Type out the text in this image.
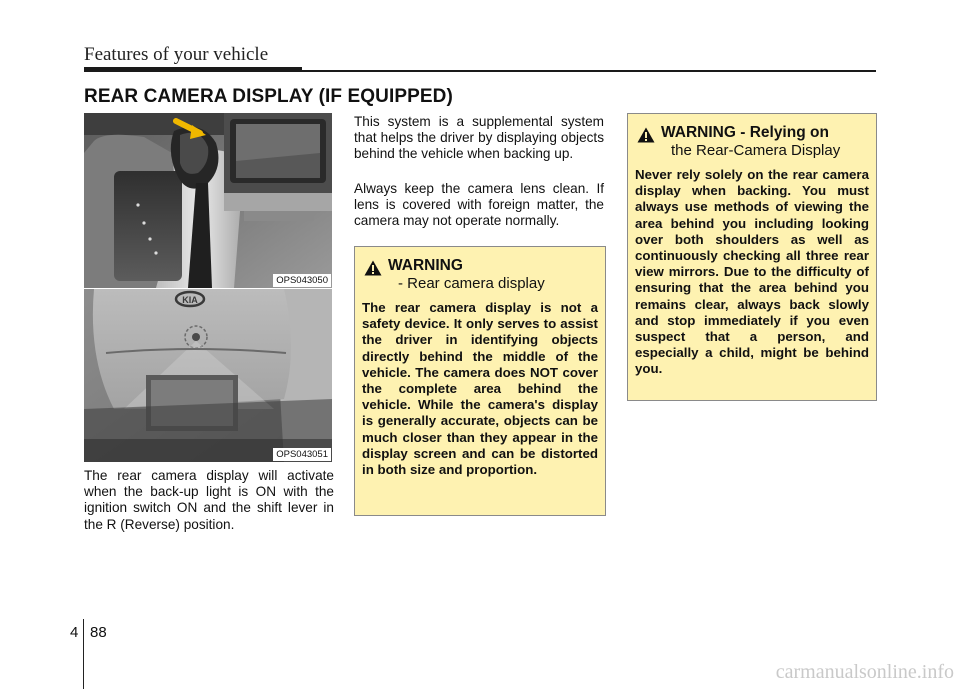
Features of your vehicle
REAR CAMERA DISPLAY (IF EQUIPPED)
OPS043050
KIA
OPS043051

The rear camera display will activate when the back-up light is ON with the ignition switch ON and the shift lever in the R (Reverse) position.

This system is a supplemental system that helps the driver by displaying objects behind the vehicle when backing up.

Always keep the camera lens clean. If lens is covered with foreign matter, the camera may not operate normally.

WARNING
- Rear camera display

The rear camera display is not a safety device. It only serves to assist the driver in identifying objects directly behind the middle of the vehicle. The camera does NOT cover the complete area behind the vehicle. While the camera's display is generally accurate, objects can be much closer than they appear in the display screen and can be distorted in both size and proportion.

WARNING - Relying on
the Rear-Camera Display

Never rely solely on the rear camera display when backing. You must always use methods of viewing the area behind you including looking over both shoulders as well as continuously checking all three rear view mirrors. Due to the difficulty of ensuring that the area behind you remains clear, always back slowly and stop immediately if you even suspect that a person, and especially a child, might be behind you.

4 88
carmanualsonline.info
